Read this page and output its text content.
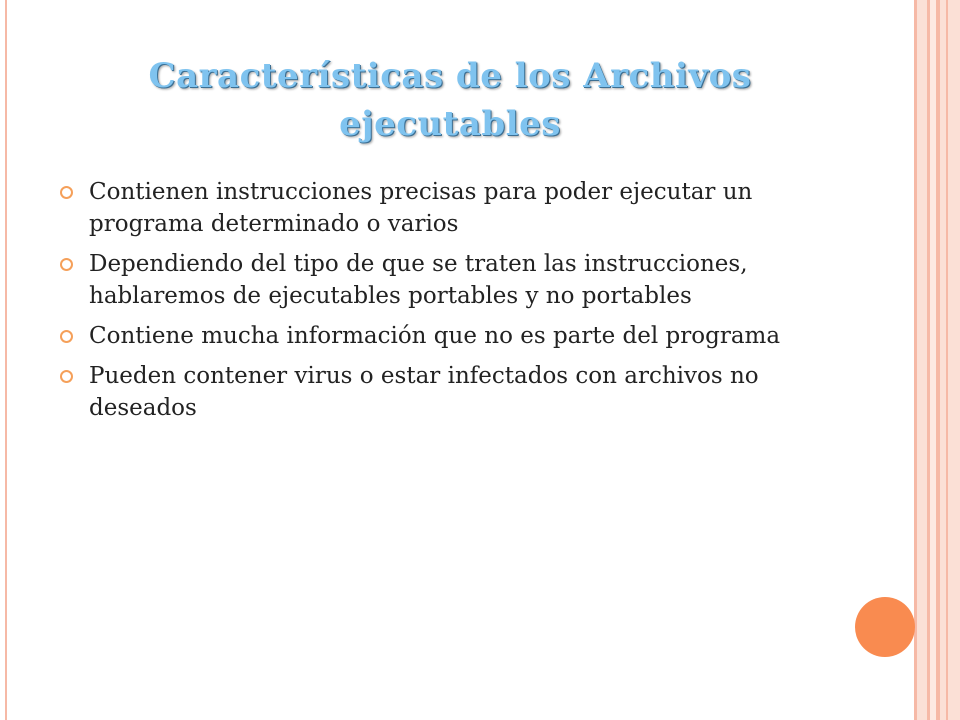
Características de los Archivos ejecutables
Contienen instrucciones precisas para poder ejecutar un programa determinado o varios
Dependiendo del tipo de que se traten las instrucciones, hablaremos de ejecutables portables y no portables
Contiene mucha información que no es parte del programa
Pueden contener virus o estar infectados con archivos no deseados
